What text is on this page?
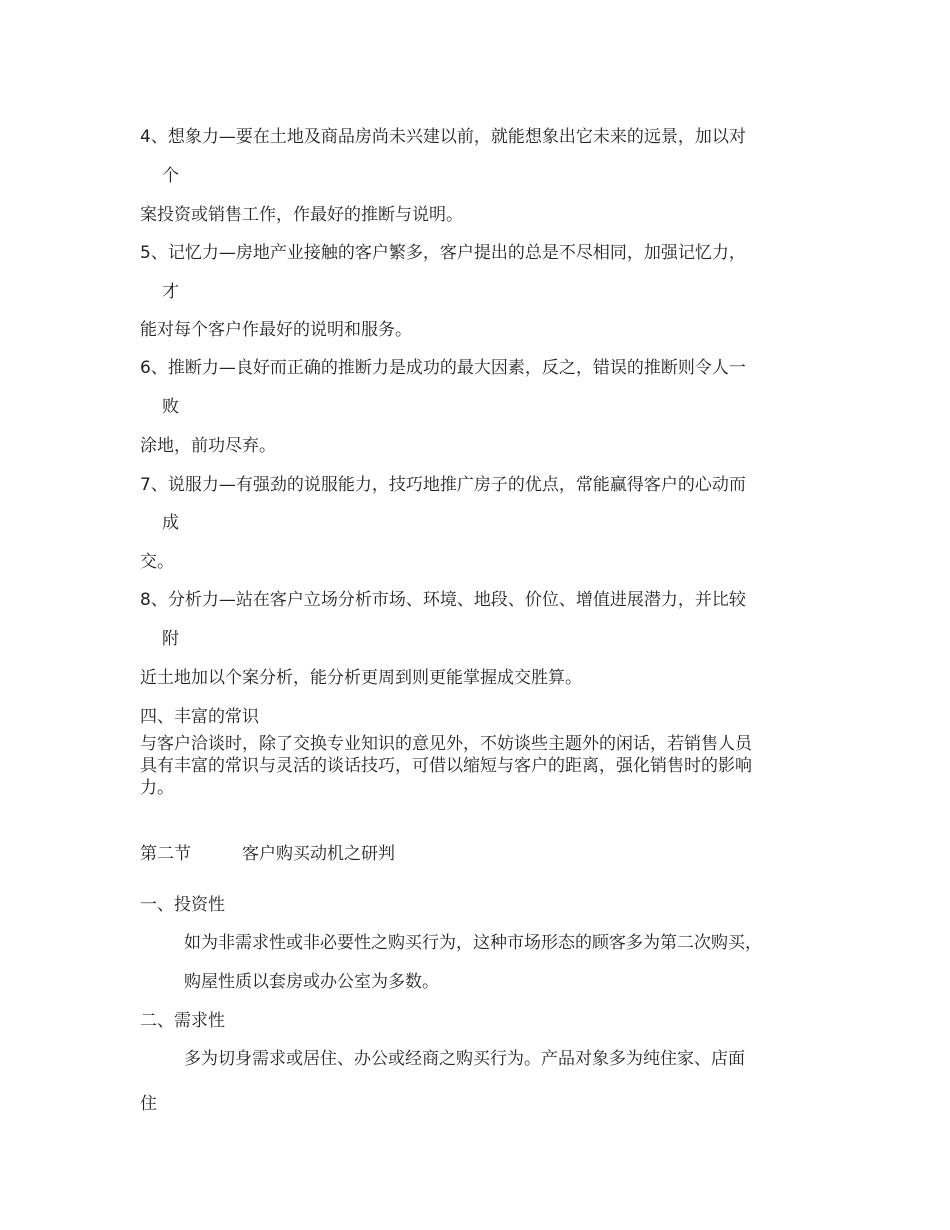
4、想象力—要在土地及商品房尚未兴建以前，就能想象出它未来的远景，加以对
个
案投资或销售工作，作最好的推断与说明。
5、记忆力—房地产业接触的客户繁多，客户提出的总是不尽相同，加强记忆力，
才
能对每个客户作最好的说明和服务。
6、推断力—良好而正确的推断力是成功的最大因素，反之，错误的推断则令人一
败
涂地，前功尽弃。
7、说服力—有强劲的说服能力，技巧地推广房子的优点，常能赢得客户的心动而
成
交。
8、分析力—站在客户立场分析市场、环境、地段、价位、增值进展潜力，并比较
附
近土地加以个案分析，能分析更周到则更能掌握成交胜算。
四、丰富的常识
与客户洽谈时，除了交换专业知识的意见外，不妨谈些主题外的闲话，若销售人员
具有丰富的常识与灵活的谈话技巧，可借以缩短与客户的距离，强化销售时的影响
力。
第二节	客户购买动机之研判
一、投资性
如为非需求性或非必要性之购买行为，这种市场形态的顾客多为第二次购买，
购屋性质以套房或办公室为多数。
二、需求性
多为切身需求或居住、办公或经商之购买行为。产品对象多为纯住家、店面
住
